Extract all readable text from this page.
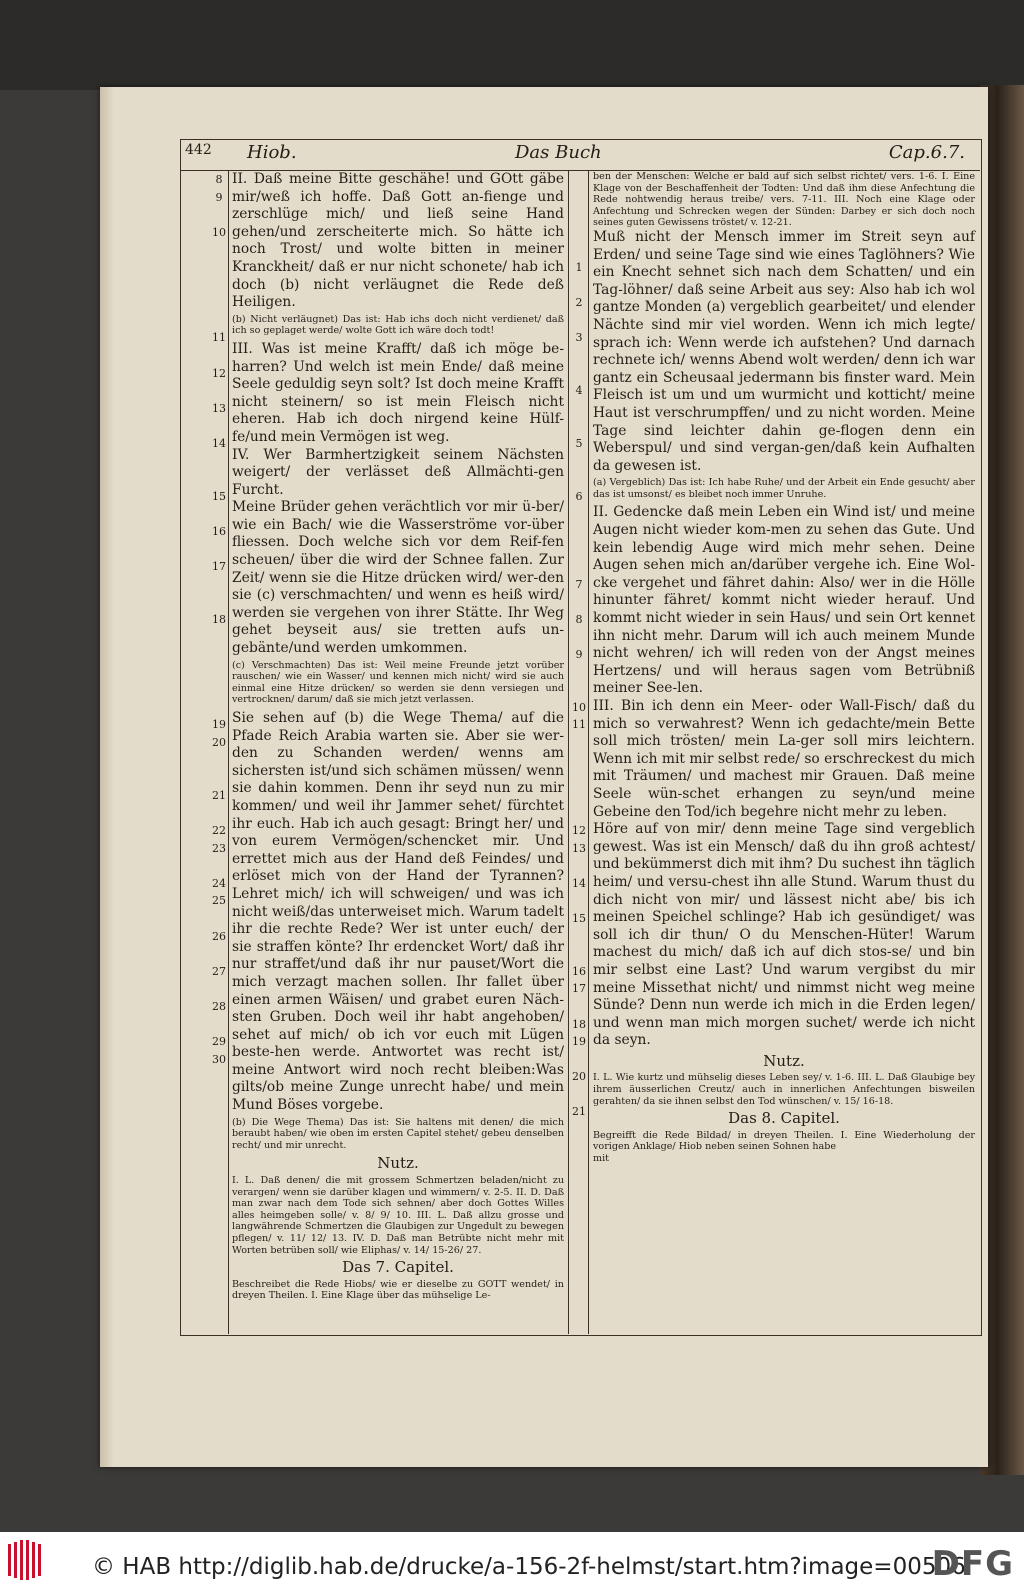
442 Hiob.	Das Buch	Cap.6.7.
8
9

10

11

12

13

14

15

16

17

18

19
20

21

22
23

24
25

26

27

28

29
30

II. Daß meine Bitte geschähe! und GOtt gäbe mir/weß ich hoffe. Daß Gott an-fienge und zerschlüge mich/ und ließ seine Hand gehen/und zerscheiterte mich. So hätte ich noch Trost/ und wolte bitten in meiner Kranckheit/ daß er nur nicht schonete/ hab ich doch (b) nicht verläugnet die Rede deß Heiligen.

(b) Nicht verläugnet) Das ist: Hab ichs doch nicht verdienet/ daß ich so geplaget werde/ wolte Gott ich wäre doch todt!

III. Was ist meine Krafft/ daß ich möge be-harren? Und welch ist mein Ende/ daß meine Seele geduldig seyn solt? Ist doch meine Krafft nicht steinern/ so ist mein Fleisch nicht eheren. Hab ich doch nirgend keine Hülf-fe/und mein Vermögen ist weg.

IV. Wer Barmhertzigkeit seinem Nächsten weigert/ der verlässet deß Allmächti-gen Furcht.

Meine Brüder gehen verächtlich vor mir ü-ber/ wie ein Bach/ wie die Wasserströme vor-über fliessen. Doch welche sich vor dem Reif-fen scheuen/ über die wird der Schnee fallen. Zur Zeit/ wenn sie die Hitze drücken wird/ wer-den sie (c) verschmachten/ und wenn es heiß wird/ werden sie vergehen von ihrer Stätte. Ihr Weg gehet beyseit aus/ sie tretten aufs un-gebänte/und werden umkommen.

(c) Verschmachten) Das ist: Weil meine Freunde jetzt vorüber rauschen/ wie ein Wasser/ und kennen mich nicht/ wird sie auch einmal eine Hitze drücken/ so werden sie denn versiegen und vertrocknen/ darum/ daß sie mich jetzt verlassen.

Sie sehen auf (b) die Wege Thema/ auf die Pfade Reich Arabia warten sie. Aber sie wer-den zu Schanden werden/ wenns am sichersten ist/und sich schämen müssen/ wenn sie dahin kommen. Denn ihr seyd nun zu mir kommen/ und weil ihr Jammer sehet/ fürchtet ihr euch. Hab ich auch gesagt: Bringt her/ und von eurem Vermögen/schencket mir. Und errettet mich aus der Hand deß Feindes/ und erlöset mich von der Hand der Tyrannen? Lehret mich/ ich will schweigen/ und was ich nicht weiß/das unterweiset mich. Warum tadelt ihr die rechte Rede? Wer ist unter euch/ der sie straffen könte? Ihr erdencket Wort/ daß ihr nur straffet/und daß ihr nur pauset/Wort die mich verzagt machen sollen. Ihr fallet über einen armen Wäisen/ und grabet euren Näch-sten Gruben. Doch weil ihr habt angehoben/ sehet auf mich/ ob ich vor euch mit Lügen beste-hen werde. Antwortet was recht ist/ meine Antwort wird noch recht bleiben:Was gilts/ob meine Zunge unrecht habe/ und mein Mund Böses vorgebe.

(b) Die Wege Thema) Das ist: Sie haltens mit denen/ die mich beraubt haben/ wie oben im ersten Capitel stehet/ gebeu denselben recht/ und mir unrecht.

Nutz.

I. L. Daß denen/ die mit grossem Schmertzen beladen/nicht zu verargen/ wenn sie darüber klagen und wimmern/ v. 2-5. II. D. Daß man zwar nach dem Tode sich sehnen/ aber doch Gottes Willes alles heimgeben solle/ v. 8/ 9/ 10. III. L. Daß allzu grosse und langwährende Schmertzen die Glaubigen zur Ungedult zu bewegen pflegen/ v. 11/ 12/ 13. IV. D. Daß man Betrübte nicht mehr mit Worten betrüben soll/ wie Eliphas/ v. 14/ 15-26/ 27.

Das 7. Capitel.

Beschreibet die Rede Hiobs/ wie er dieselbe zu GOTT wendet/ in dreyen Theilen. I. Eine Klage über das mühselige Le-

1

2

3

4

5

6

7

8

9

10
11

12
13

14

15

16
17

18
19

20

21

ben der Menschen: Welche er bald auf sich selbst richtet/ vers. 1-6. I. Eine Klage von der Beschaffenheit der Todten: Und daß ihm diese Anfechtung die Rede nohtwendig heraus treibe/ vers. 7-11. III. Noch eine Klage oder Anfechtung und Schrecken wegen der Sünden: Darbey er sich doch noch seines guten Gewissens tröstet/ v. 12-21.

Muß nicht der Mensch immer im Streit seyn auf Erden/ und seine Tage sind wie eines Taglöhners? Wie ein Knecht sehnet sich nach dem Schatten/ und ein Tag-löhner/ daß seine Arbeit aus sey: Also hab ich wol gantze Monden (a) vergeblich gearbeitet/ und elender Nächte sind mir viel worden. Wenn ich mich legte/ sprach ich: Wenn werde ich aufstehen? Und darnach rechnete ich/ wenns Abend wolt werden/ denn ich war gantz ein Scheusaal jedermann bis finster ward. Mein Fleisch ist um und um wurmicht und kotticht/ meine Haut ist verschrumpffen/ und zu nicht worden. Meine Tage sind leichter dahin ge-flogen denn ein Weberspul/ und sind vergan-gen/daß kein Aufhalten da gewesen ist.

(a) Vergeblich) Das ist: Ich habe Ruhe/ und der Arbeit ein Ende gesucht/ aber das ist umsonst/ es bleibet noch immer Unruhe.

II. Gedencke daß mein Leben ein Wind ist/ und meine Augen nicht wieder kom-men zu sehen das Gute. Und kein lebendig Auge wird mich mehr sehen. Deine Augen sehen mich an/darüber vergehe ich. Eine Wol-cke vergehet und fähret dahin: Also/ wer in die Hölle hinunter fähret/ kommt nicht wieder herauf. Und kommt nicht wieder in sein Haus/ und sein Ort kennet ihn nicht mehr. Darum will ich auch meinem Munde nicht wehren/ ich will reden von der Angst meines Hertzens/ und will heraus sagen vom Betrübniß meiner See-len.

III. Bin ich denn ein Meer- oder Wall-Fisch/ daß du mich so verwahrest? Wenn ich gedachte/mein Bette soll mich trösten/ mein La-ger soll mirs leichtern. Wenn ich mit mir selbst rede/ so erschreckest du mich mit Träumen/ und machest mir Grauen. Daß meine Seele wün-schet erhangen zu seyn/und meine Gebeine den Tod/ich begehre nicht mehr zu leben.

Höre auf von mir/ denn meine Tage sind vergeblich gewest. Was ist ein Mensch/ daß du ihn groß achtest/ und bekümmerst dich mit ihm? Du suchest ihn täglich heim/ und versu-chest ihn alle Stund. Warum thust du dich nicht von mir/ und lässest nicht abe/ bis ich meinen Speichel schlinge? Hab ich gesündiget/ was soll ich dir thun/ O du Menschen-Hüter! Warum machest du mich/ daß ich auf dich stos-se/ und bin mir selbst eine Last? Und warum vergibst du mir meine Missethat nicht/ und nimmst nicht weg meine Sünde? Denn nun werde ich mich in die Erden legen/ und wenn man mich morgen suchet/ werde ich nicht da seyn.

Nutz.

I. L. Wie kurtz und mühselig dieses Leben sey/ v. 1-6. III. L. Daß Glaubige bey ihrem äusserlichen Creutz/ auch in innerlichen Anfechtungen bisweilen gerahten/ da sie ihnen selbst den Tod wünschen/ v. 15/ 16-18.

Das 8. Capitel.

Begreifft die Rede Bildad/ in dreyen Theilen. I. Eine Wiederholung der vorigen Anklage/ Hiob neben seinen Sohnen habe

mit

© HAB http://diglib.hab.de/drucke/a-156-2f-helmst/start.htm?image=00506
DFG
